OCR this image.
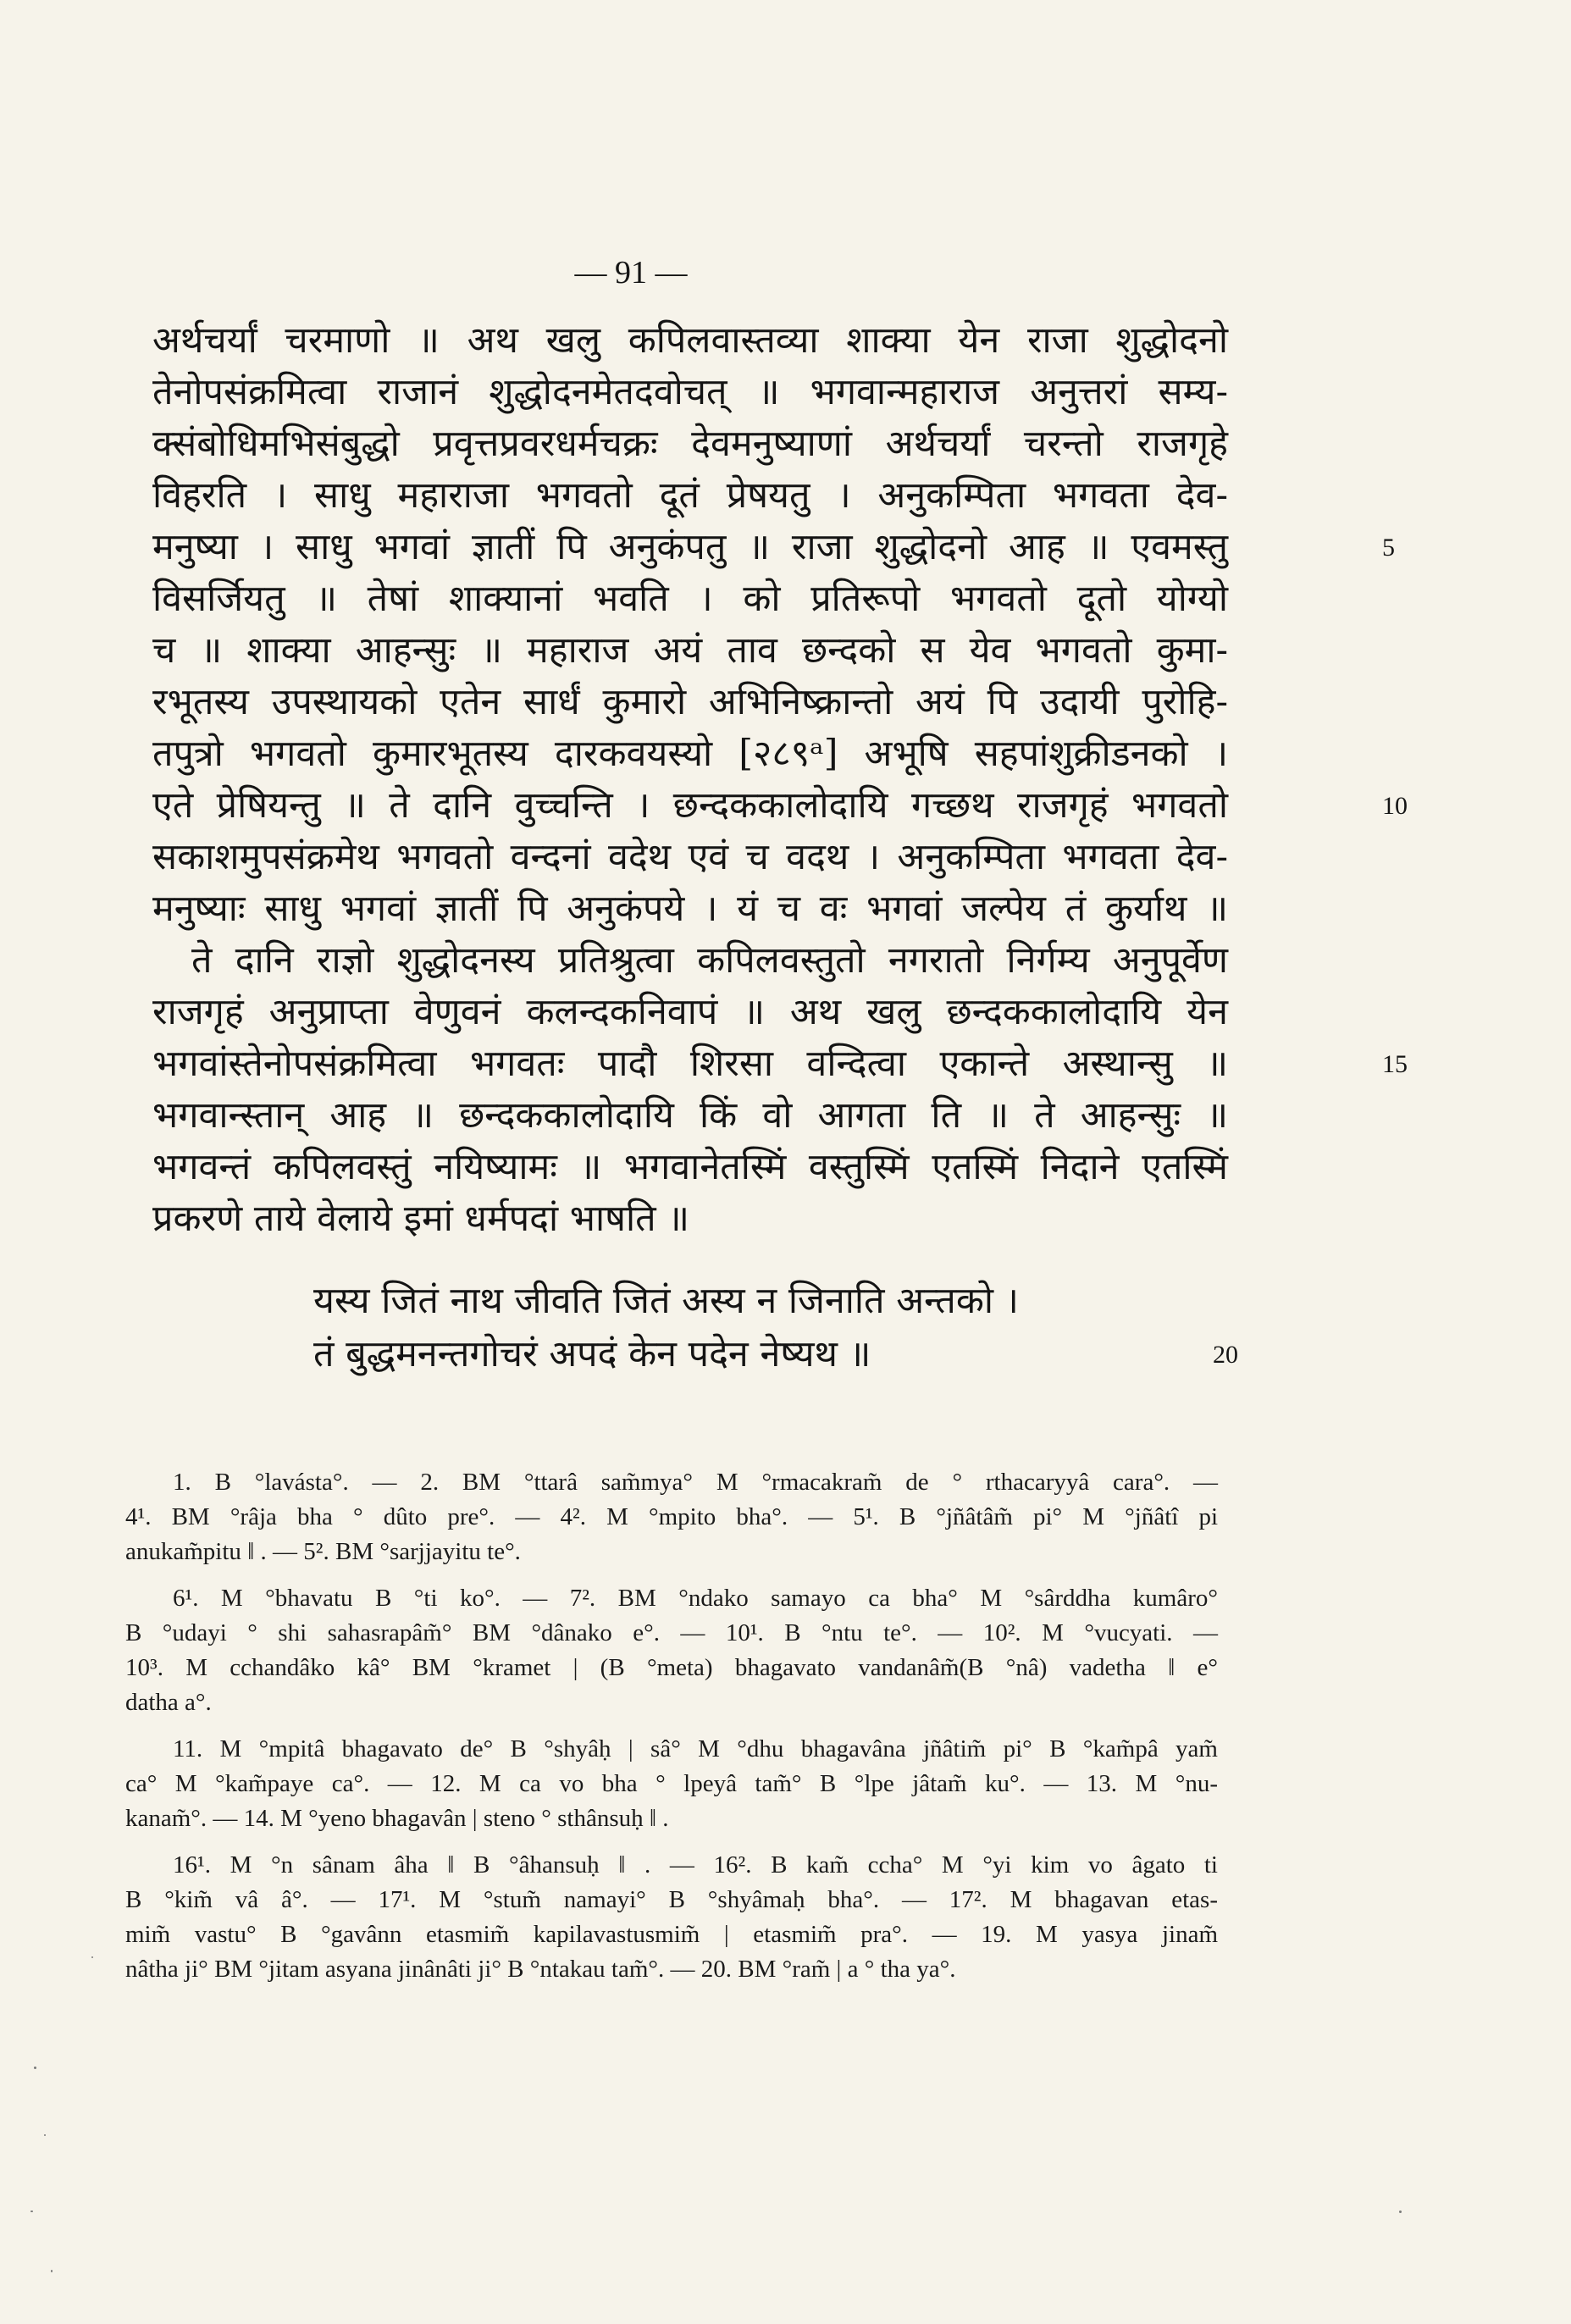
— 91 —
अर्थचर्यां चरमाणो ॥ अथ खलु कपिलवास्तव्या शाक्या येन राजा शुद्धोदनो
तेनोपसंक्रमित्वा राजानं शुद्धोदनमेतदवोचत् ॥ भगवान्महाराज अनुत्तरां सम्य-
क्संबोधिमभिसंबुद्धो प्रवृत्तप्रवरधर्मचक्रः देवमनुष्याणां अर्थचर्यां चरन्तो राजगृहे
विहरति । साधु महाराजा भगवतो दूतं प्रेषयतु । अनुकम्पिता भगवता देव-
मनुष्या । साधु भगवां ज्ञातीं पि अनुकंपतु ॥ राजा शुद्धोदनो आह ॥ एवमस्तु	5
विसर्जियतु ॥ तेषां शाक्यानां भवति । को प्रतिरूपो भगवतो दूतो योग्यो
च ॥ शाक्या आहन्सुः ॥ महाराज अयं ताव छन्दको स येव भगवतो कुमा-
रभूतस्य उपस्थायको एतेन सार्धं कुमारो अभिनिष्क्रान्तो अयं पि उदायी पुरोहि-
तपुत्रो भगवतो कुमारभूतस्य दारकवयस्यो [२८९ᵃ] अभूषि सहपांशुक्रीडनको ।
एते प्रेषियन्तु ॥ ते दानि वुच्चन्ति । छन्दककालोदायि गच्छथ राजगृहं भगवतो	10
सकाशमुपसंक्रमेथ भगवतो वन्दनां वदेथ एवं च वदथ । अनुकम्पिता भगवता देव-
मनुष्याः साधु भगवां ज्ञातीं पि अनुकंपये । यं च वः भगवां जल्पेय तं कुर्याथ ॥
ते दानि राज्ञो शुद्धोदनस्य प्रतिश्रुत्वा कपिलवस्तुतो नगरातो निर्गम्य अनुपूर्वेण
राजगृहं अनुप्राप्ता वेणुवनं कलन्दकनिवापं ॥ अथ खलु छन्दककालोदायि येन
भगवांस्तेनोपसंक्रमित्वा भगवतः पादौ शिरसा वन्दित्वा एकान्ते अस्थान्सु ॥	15
भगवान्स्तान् आह ॥ छन्दककालोदायि किं वो आगता ति ॥ ते आहन्सुः ॥
भगवन्तं कपिलवस्तुं नयिष्यामः ॥ भगवानेतस्मिं वस्तुस्मिं एतस्मिं निदाने एतस्मिं
प्रकरणे ताये वेलाये इमां धर्मपदां भाषति ॥
यस्य जितं नाथ जीवति जितं अस्य न जिनाति अन्तको ।
तं बुद्धमनन्तगोचरं अपदं केन पदेन नेष्यथ ॥	20
1. B °lavásta°. — 2. BM °ttarâ sam̃mya° M °rmacakram̃ de ° rthacaryyâ cara°. —
4¹. BM °râja bha ° dûto pre°. — 4². M °mpito bha°. — 5¹. B °jñâtâm̃ pi° M °jñâtî pi
anukam̃pitu ‖ . — 5². BM °sarjjayitu te°.
6¹. M °bhavatu B °ti ko°. — 7². BM °ndako samayo ca bha° M °sârddha kumâro°
B °udayi ° shi sahasrapâm̃° BM °dânako e°. — 10¹. B °ntu te°. — 10². M °vucyati. —
10³. M cchandâko kâ° BM °kramet | (B °meta) bhagavato vandanâm̃(B °nâ) vadetha ‖ e°
datha a°.
11. M °mpitâ bhagavato de° B °shyâḥ | sâ° M °dhu bhagavâna jñâtim̃ pi° B °kam̃pâ yam̃
ca° M °kam̃paye ca°. — 12. M ca vo bha ° lpeyâ tam̃° B °lpe jâtam̃ ku°. — 13. M °nu-
kanam̃°. — 14. M °yeno bhagavân | steno ° sthânsuḥ ‖ .
16¹. M °n sânam âha ‖ B °âhansuḥ ‖ . — 16². B kam̃ ccha° M °yi kim vo âgato ti
B °kim̃ vâ â°. — 17¹. M °stum̃ namayi° B °shyâmaḥ bha°. — 17². M bhagavan etas-
mim̃ vastu° B °gavânn etasmim̃ kapilavastusmim̃ | etasmim̃ pra°. — 19. M yasya jinam̃
nâtha ji° BM °jitam asyana jinânâti ji° B °ntakau tam̃°. — 20. BM °ram̃ | a ° tha ya°.
